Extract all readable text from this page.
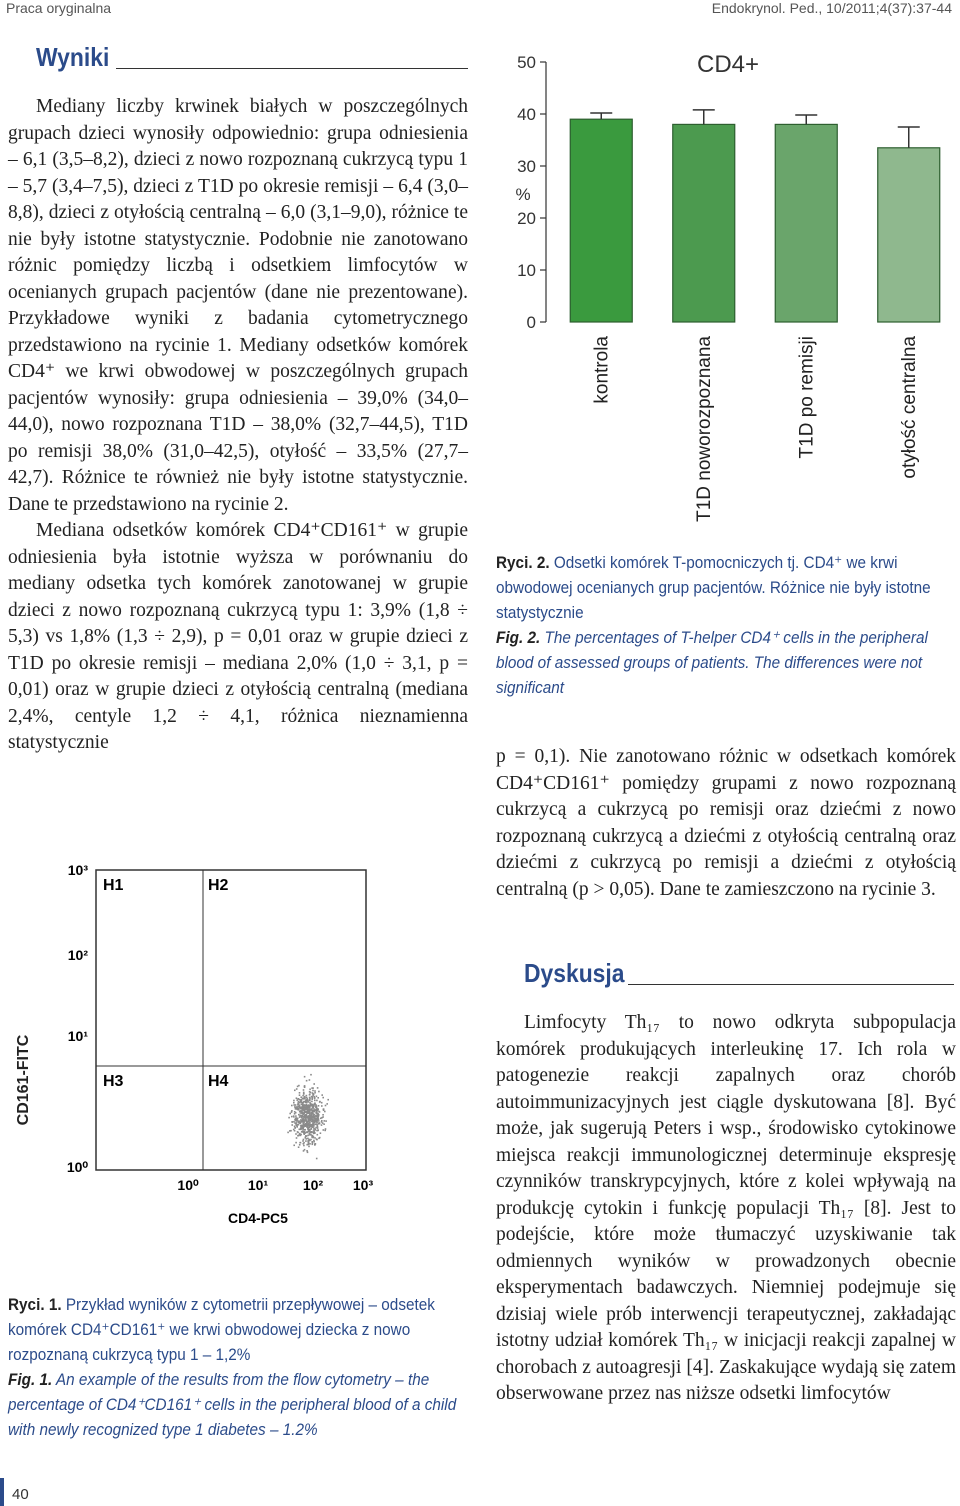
Praca oryginalna	Endokrynol. Ped., 10/2011;4(37):37-44
Wyniki

Mediany liczby krwinek białych w poszczególnych grupach dzieci wynosiły odpowiednio: grupa odniesienia – 6,1 (3,5–8,2), dzieci z nowo rozpoznaną cukrzycą typu 1 – 5,7 (3,4–7,5), dzieci z T1D po okresie remisji – 6,4 (3,0–8,8), dzieci z otyłością centralną – 6,0 (3,1–9,0), różnice te nie były istotne statystycznie. Podobnie nie zanotowano różnic pomiędzy liczbą i odsetkiem limfocytów w ocenianych grupach pacjentów (dane nie prezentowane). Przykładowe wyniki z badania cytometrycznego przedstawiono na rycinie 1. Mediany odsetków komórek CD4⁺ we krwi obwodowej w poszczególnych grupach pacjentów wynosiły: grupa odniesienia – 39,0% (34,0–44,0), nowo rozpoznana T1D – 38,0% (32,7–44,5), T1D po remisji 38,0% (31,0–42,5), otyłość – 33,5% (27,7–42,7). Różnice te również nie były istotne statystycznie. Dane te przedstawiono na rycinie 2.

Mediana odsetków komórek CD4⁺CD161⁺ w grupie odniesienia była istotnie wyższa w porównaniu do mediany odsetka tych komórek zanotowanej w grupie dzieci z nowo rozpoznaną cukrzycą typu 1: 3,9% (1,8 ÷ 5,3) vs 1,8% (1,3 ÷ 2,9), p = 0,01 oraz w grupie dzieci z T1D po okresie remisji – mediana 2,0% (1,0 ÷ 3,1, p = 0,01) oraz w grupie dzieci z otyłością centralną (mediana 2,4%, centyle 1,2 ÷ 4,1, różnica nieznamienna statystycznie

CD161-FITC
10³
10²
10¹
10⁰
10⁰	10¹ 10² 10³
H1	H2
H3	H4
CD4-PC5

Ryci. 1. Przykład wyników z cytometrii przepływowej – odsetek komórek CD4⁺CD161⁺ we krwi obwodowej dziecka z nowo rozpoznaną cukrzycą typu 1 – 1,2%

Fig. 1. An example of the results from the flow cytometry – the percentage of CD4⁺CD161⁺ cells in the peripheral blood of a child with newly recognized type 1 diabetes – 1.2%

CD4+
%
0
10
20
30
40
50
kontrola	T1D noworozpoznana	T1D po remisji	otyłość centralna

Ryci. 2. Odsetki komórek T-pomocniczych tj. CD4⁺ we krwi obwodowej ocenianych grup pacjentów. Różnice nie były istotne statystycznie

Fig. 2. The percentages of T-helper CD4⁺ cells in the peripheral blood of assessed groups of patients. The differences were not significant

p = 0,1). Nie zanotowano różnic w odsetkach komórek CD4⁺CD161⁺ pomiędzy grupami z nowo rozpoznaną cukrzycą a cukrzycą po remisji oraz dziećmi z nowo rozpoznaną cukrzycą a dziećmi z otyłością centralną oraz dziećmi z cukrzycą po remisji a dziećmi z otyłością centralną (p > 0,05). Dane te zamieszczono na rycinie 3.

Dyskusja

Limfocyty Th₁₇ to nowo odkryta subpopulacja komórek produkujących interleukinę 17. Ich rola w patogenezie reakcji zapalnych oraz chorób autoimmunizacyjnych jest ciągle dyskutowana [8]. Być może, jak sugerują Peters i wsp., środowisko cytokinowe miejsca reakcji immunologicznej determinuje ekspresję czynników transkrypcyjnych, które z kolei wpływają na produkcję cytokin i funkcję populacji Th₁₇ [8]. Jest to podejście, które może tłumaczyć uzyskiwanie tak odmiennych wyników w prowadzonych obecnie eksperymentach badawczych. Niemniej podejmuje się dzisiaj wiele prób interwencji terapeutycznej, zakładając istotny udział komórek Th₁₇ w inicjacji reakcji zapalnej w chorobach z autoagresji [4]. Zaskakujące wydają się zatem obserwowane przez nas niższe odsetki limfocytów

40
